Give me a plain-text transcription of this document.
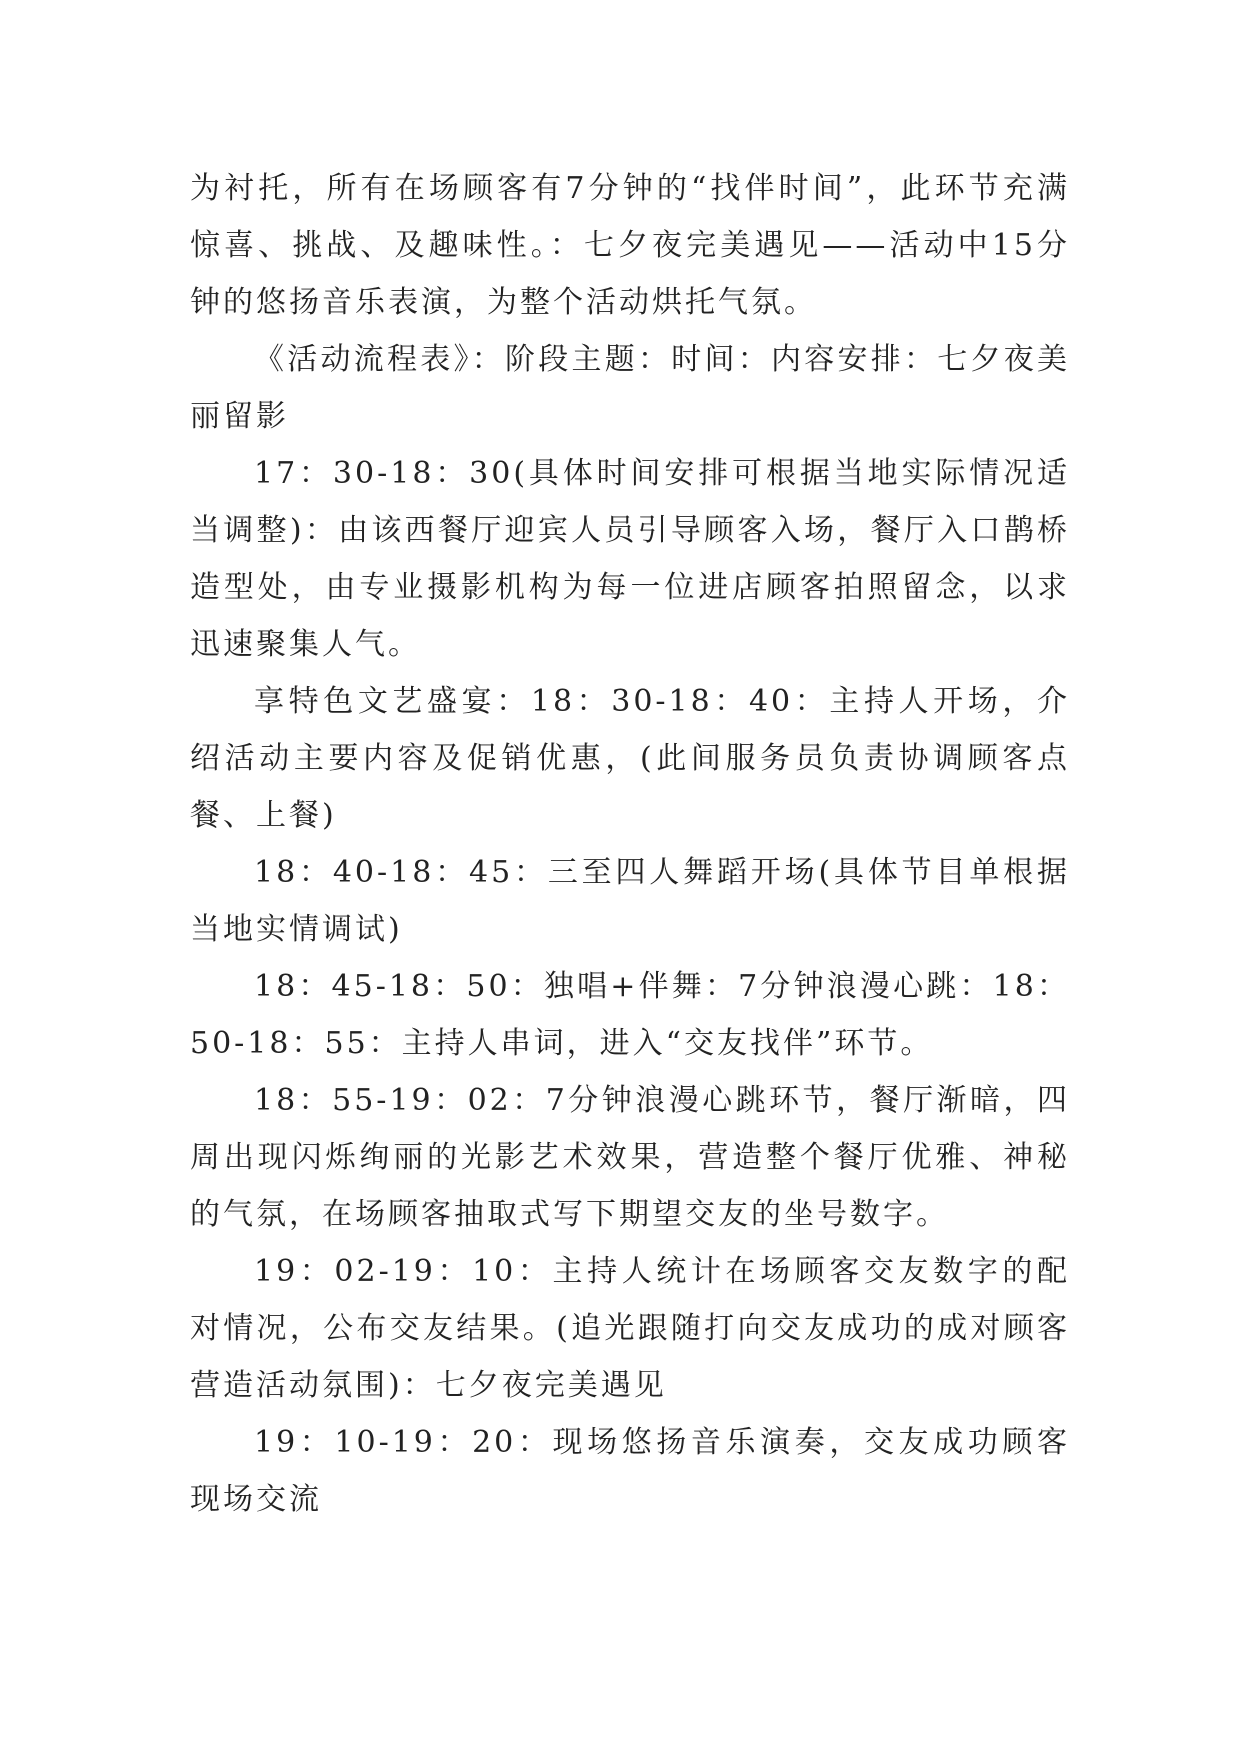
为衬托，所有在场顾客有7分钟的“找伴时间”，此环节充满惊喜、挑战、及趣味性。：七夕夜完美遇见——活动中15分钟的悠扬音乐表演，为整个活动烘托气氛。

《活动流程表》：阶段主题：时间：内容安排：七夕夜美丽留影

17：30-18：30(具体时间安排可根据当地实际情况适当调整)：由该西餐厅迎宾人员引导顾客入场，餐厅入口鹊桥造型处，由专业摄影机构为每一位进店顾客拍照留念，以求迅速聚集人气。

享特色文艺盛宴：18：30-18：40：主持人开场，介绍活动主要内容及促销优惠，(此间服务员负责协调顾客点餐、上餐)

18：40-18：45：三至四人舞蹈开场(具体节目单根据当地实情调试)

18：45-18：50：独唱+伴舞：7分钟浪漫心跳：18：50-18：55：主持人串词，进入“交友找伴”环节。

18：55-19：02：7分钟浪漫心跳环节，餐厅渐暗，四周出现闪烁绚丽的光影艺术效果，营造整个餐厅优雅、神秘的气氛，在场顾客抽取式写下期望交友的坐号数字。

19：02-19：10：主持人统计在场顾客交友数字的配对情况，公布交友结果。(追光跟随打向交友成功的成对顾客营造活动氛围)：七夕夜完美遇见

19：10-19：20：现场悠扬音乐演奏，交友成功顾客现场交流
